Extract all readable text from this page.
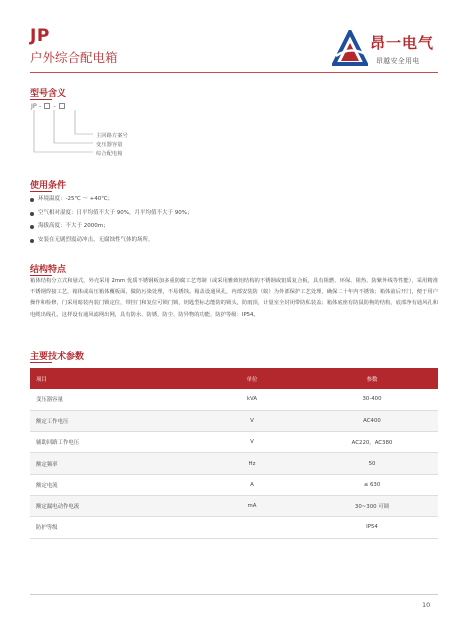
JP
户外综合配电箱
昂一电气
昂越安全用电
型号含义
JP - -
主回路方案号
变压器容量
综合配电箱
使用条件
环境温度：-25℃ ～ +40℃；
空气相对湿度：日平均值不大于 90%，月平均值不大于 90%；
海拔高度：不大于 2000m；
安装在无剧烈震动冲击、无腐蚀性气体的场所。
结构特点
箱体结构分立式和悬式，外壳采用 2mm 优质不锈钢板加多重防腐工艺弯制（或采用雅致铝结构的不锈钢或铝质复合板，具有阻燃、环保、阻热、防紫外线等性能），采用精准不锈钢焊接工艺，箱体或高压箱体覆板面，做防污染处理，不易锈蚀。箱盖设通风孔，内部安装防（蚁）为外部保护工艺处理，确保二十年内不锈蚀；箱体前后开门，便于用户操作和检修，门采用暗装内装门锁定位，带挂门和复位可锁门锁，钥匙型标志能防的锁头，防雨顶，计量室全封闭带防私装盖；箱体底座有防鼠防狗的结构，底部净有通风孔和电缆出线孔，这样设有通风滤网出网，具有防水、防锈、防尘、防异物的功能，防护等级：IP54。
主要技术参数
项目	单位	参数
变压器容量	kVA	30-400
额定工作电压	V	AC400
辅助回路工作电压	V	AC220，AC380
额定频率	Hz	50
额定电流	A	≤ 630
额定漏电动作电流	mA	30~300 可调
防护等级		IP54
10
